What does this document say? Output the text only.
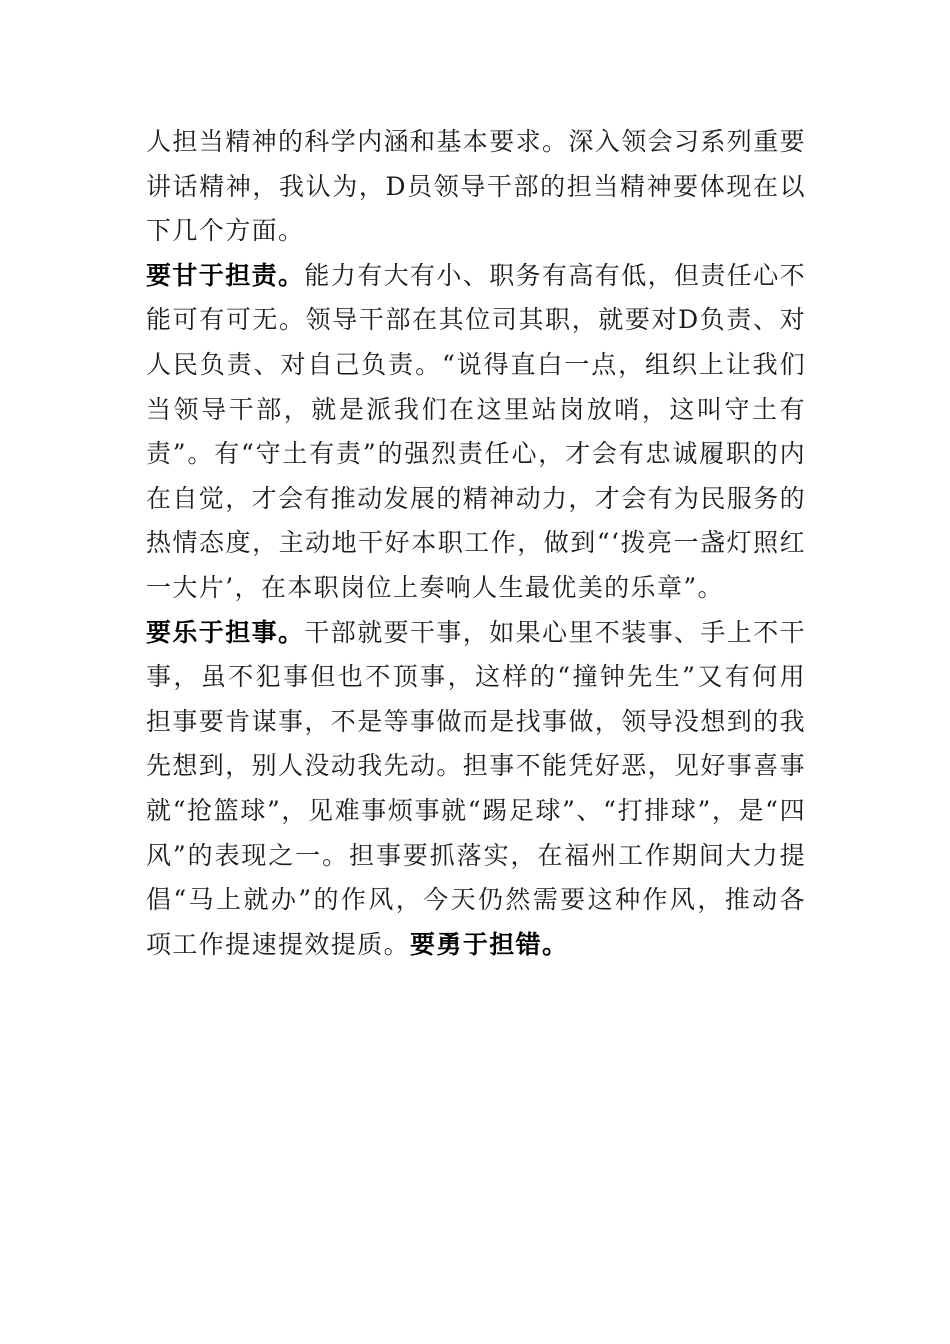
人担当精神的科学内涵和基本要求。深入领会习系列重要讲话精神，我认为，D员领导干部的担当精神要体现在以下几个方面。

要甘于担责。能力有大有小、职务有高有低，但责任心不能可有可无。领导干部在其位司其职，就要对D负责、对人民负责、对自己负责。“说得直白一点，组织上让我们当领导干部，就是派我们在这里站岗放哨，这叫守土有责”。有“守土有责”的强烈责任心，才会有忠诚履职的内在自觉，才会有推动发展的精神动力，才会有为民服务的热情态度，主动地干好本职工作，做到“‘拨亮一盏灯照红一大片’，在本职岗位上奏响人生最优美的乐章”。

要乐于担事。干部就要干事，如果心里不装事、手上不干事，虽不犯事但也不顶事，这样的“撞钟先生”又有何用担事要肯谋事，不是等事做而是找事做，领导没想到的我先想到，别人没动我先动。担事不能凭好恶，见好事喜事就“抢篮球”，见难事烦事就“踢足球”、“打排球”，是“四风”的表现之一。担事要抓落实，在福州工作期间大力提倡“马上就办”的作风，今天仍然需要这种作风，推动各项工作提速提效提质。要勇于担错。
